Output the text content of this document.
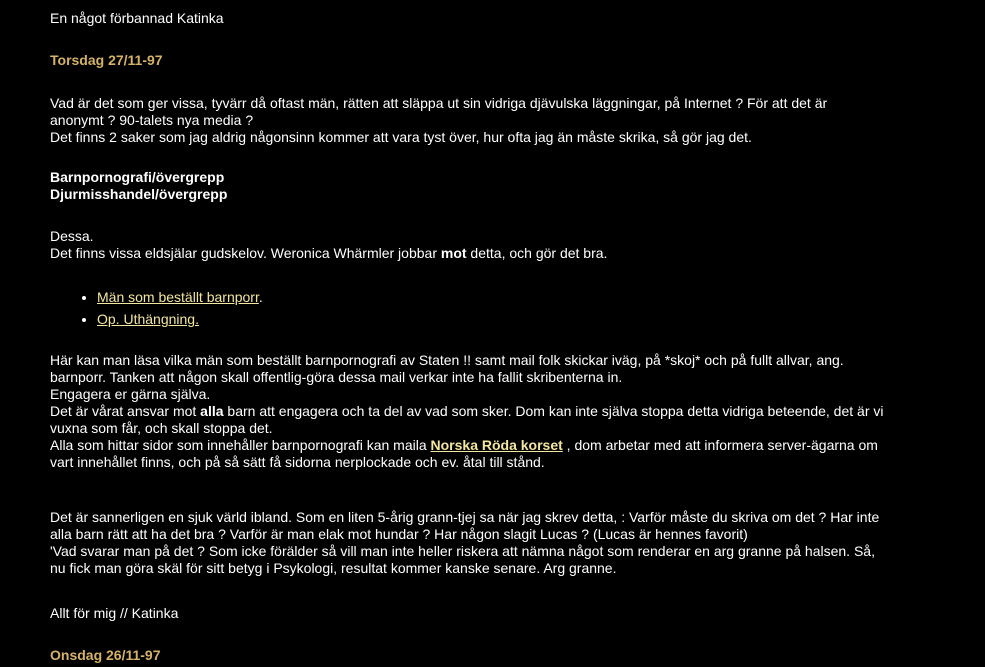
En något förbannad Katinka

Torsdag 27/11-97

Vad är det som ger vissa, tyvärr då oftast män, rätten att släppa ut sin vidriga djävulska läggningar, på Internet ? För att det är
anonymt ? 90-talets nya media ?
Det finns 2 saker som jag aldrig någonsinn kommer att vara tyst över, hur ofta jag än måste skrika, så gör jag det.
Barnpornografi/övergrepp
Djurmisshandel/övergrepp
Dessa.
Det finns vissa eldsjälar gudskelov. Weronica Whärmler jobbar mot detta, och gör det bra.
• Män som beställt barnporr.
• Op. Uthängning.
Här kan man läsa vilka män som beställt barnpornografi av Staten !! samt mail folk skickar iväg, på *skoj* och på fullt allvar, ang.
barnporr. Tanken att någon skall offentlig-göra dessa mail verkar inte ha fallit skribenterna in.
Engagera er gärna själva.
Det är vårat ansvar mot alla barn att engagera och ta del av vad som sker. Dom kan inte själva stoppa detta vidriga beteende, det är vi
vuxna som får, och skall stoppa det.
Alla som hittar sidor som innehåller barnpornografi kan maila Norska Röda korset , dom arbetar med att informera server-ägarna om
vart innehållet finns, och på så sätt få sidorna nerplockade och ev. åtal till stånd.
Det är sannerligen en sjuk värld ibland. Som en liten 5-årig grann-tjej sa när jag skrev detta, : Varför måste du skriva om det ? Har inte
alla barn rätt att ha det bra ? Varför är man elak mot hundar ? Har någon slagit Lucas ? (Lucas är hennes favorit)
'Vad svarar man på det ? Som icke förälder så vill man inte heller riskera att nämna något som renderar en arg granne på halsen. Så,
nu fick man göra skäl för sitt betyg i Psykologi, resultat kommer kanske senare. Arg granne.

Allt för mig // Katinka

Onsdag 26/11-97
